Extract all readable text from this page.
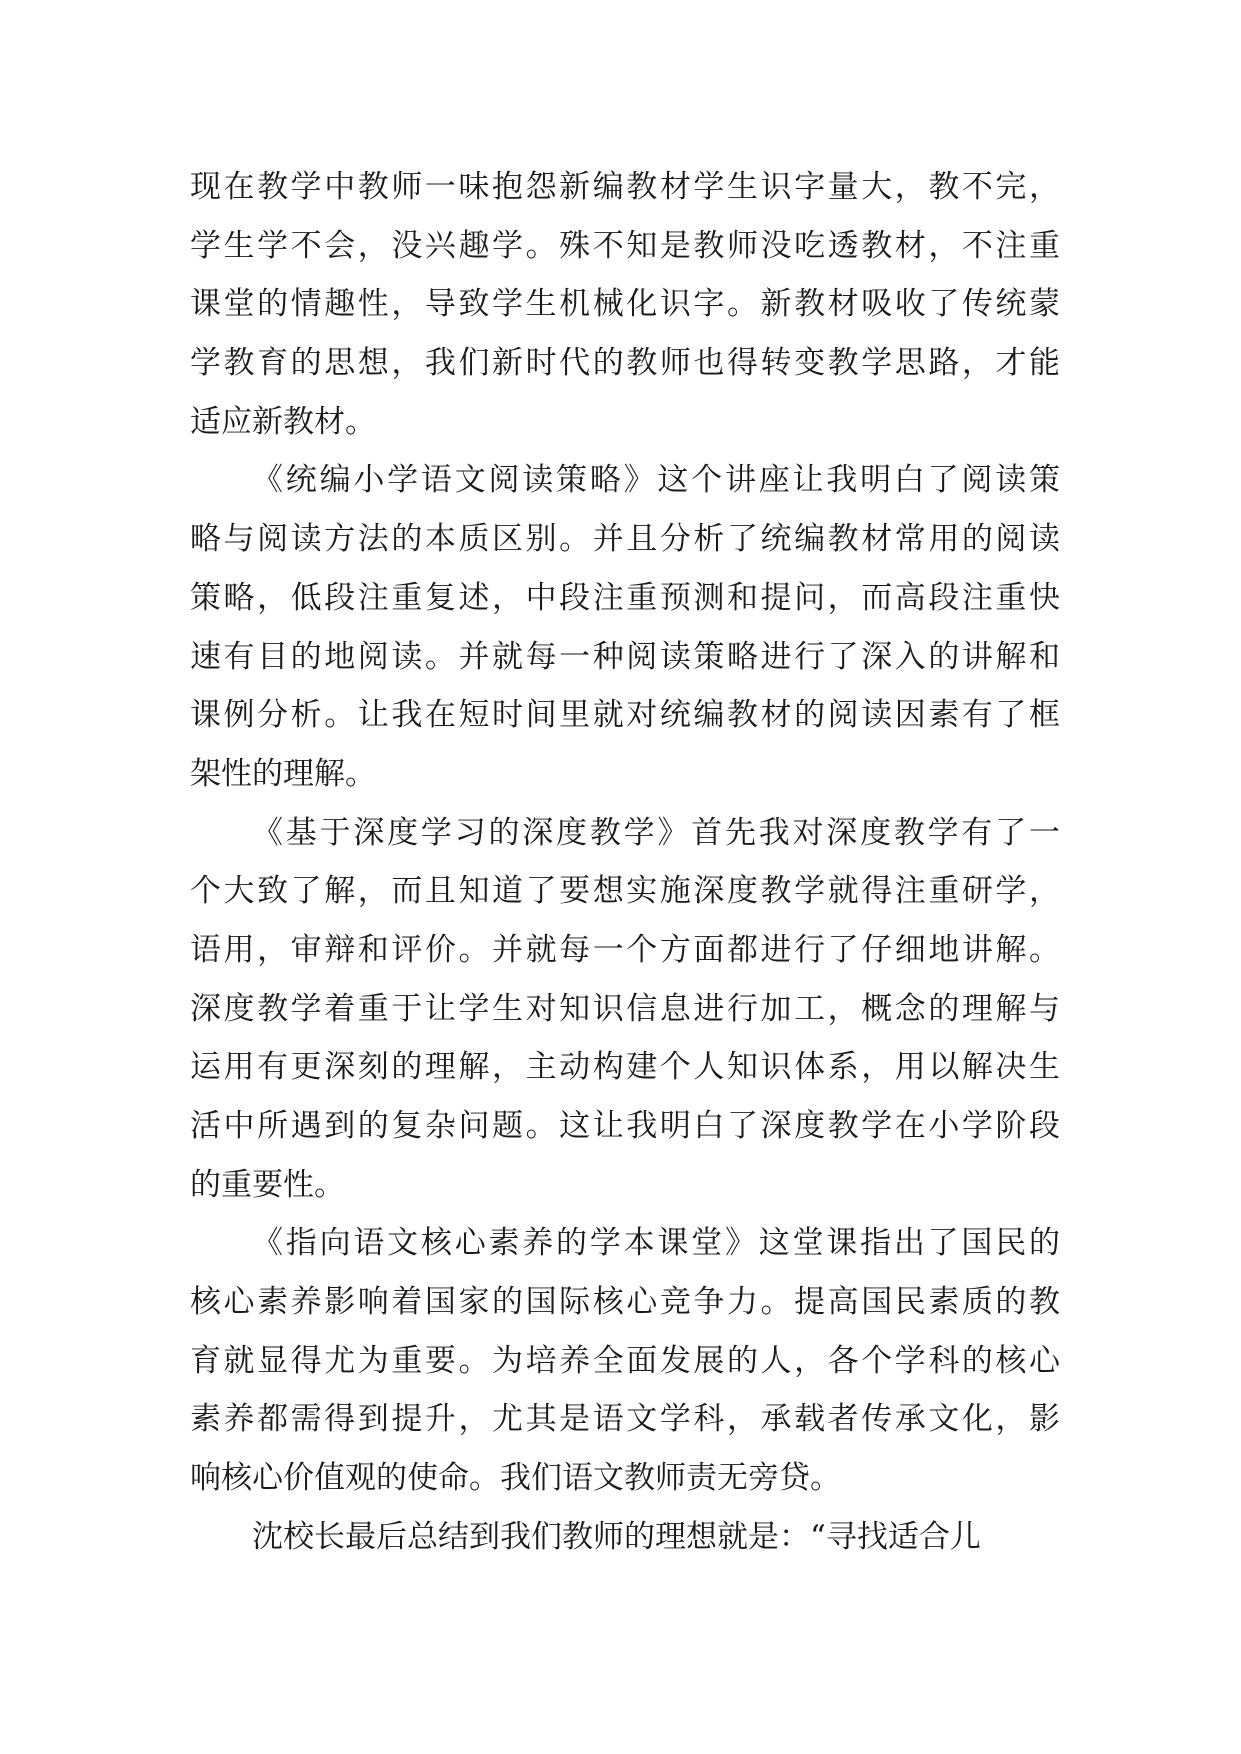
现在教学中教师一味抱怨新编教材学生识字量大，教不完，
学生学不会，没兴趣学。殊不知是教师没吃透教材，不注重
课堂的情趣性，导致学生机械化识字。新教材吸收了传统蒙
学教育的思想，我们新时代的教师也得转变教学思路，才能
适应新教材。
《统编小学语文阅读策略》这个讲座让我明白了阅读策
略与阅读方法的本质区别。并且分析了统编教材常用的阅读
策略，低段注重复述，中段注重预测和提问，而高段注重快
速有目的地阅读。并就每一种阅读策略进行了深入的讲解和
课例分析。让我在短时间里就对统编教材的阅读因素有了框
架性的理解。
《基于深度学习的深度教学》首先我对深度教学有了一
个大致了解，而且知道了要想实施深度教学就得注重研学，
语用，审辩和评价。并就每一个方面都进行了仔细地讲解。
深度教学着重于让学生对知识信息进行加工，概念的理解与
运用有更深刻的理解，主动构建个人知识体系，用以解决生
活中所遇到的复杂问题。这让我明白了深度教学在小学阶段
的重要性。
《指向语文核心素养的学本课堂》这堂课指出了国民的
核心素养影响着国家的国际核心竞争力。提高国民素质的教
育就显得尤为重要。为培养全面发展的人，各个学科的核心
素养都需得到提升，尤其是语文学科，承载者传承文化，影
响核心价值观的使命。我们语文教师责无旁贷。
沈校长最后总结到我们教师的理想就是：“寻找适合儿
